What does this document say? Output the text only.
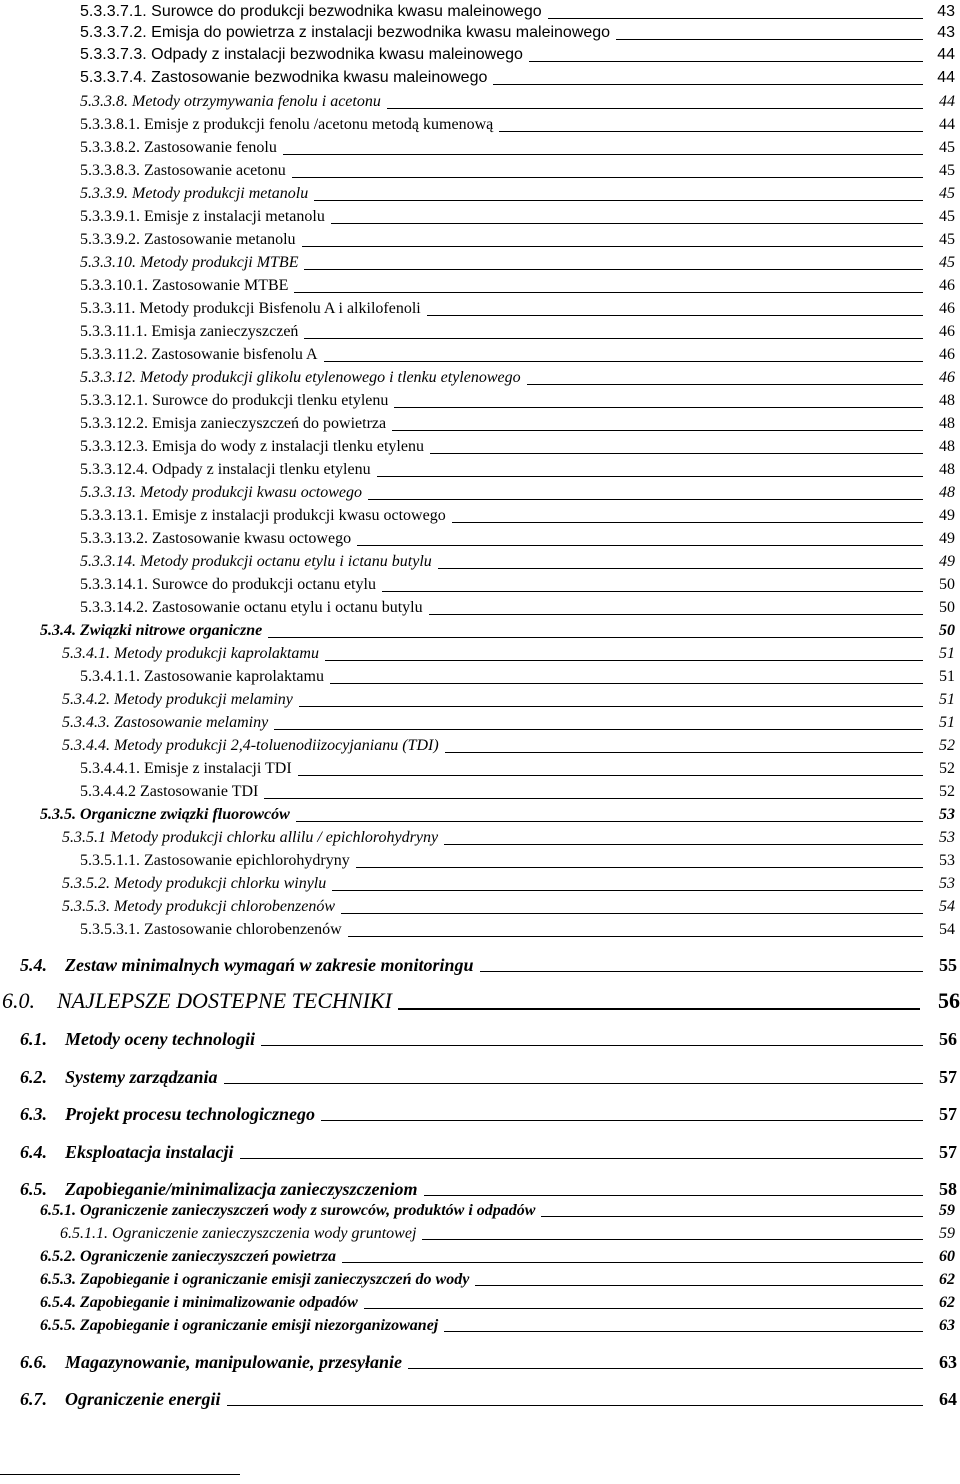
5.3.3.7.1. Surowce do produkcji bezwodnika kwasu maleinowego	43
5.3.3.7.2. Emisja do powietrza z instalacji bezwodnika kwasu maleinowego	43
5.3.3.7.3. Odpady z instalacji bezwodnika kwasu maleinowego	44
5.3.3.7.4. Zastosowanie bezwodnika kwasu maleinowego	44
5.3.3.8. Metody otrzymywania fenolu i acetonu	44
5.3.3.8.1. Emisje z produkcji fenolu /acetonu metodą kumenową	44
5.3.3.8.2. Zastosowanie fenolu	45
5.3.3.8.3. Zastosowanie acetonu	45
5.3.3.9. Metody produkcji metanolu	45
5.3.3.9.1. Emisje z instalacji metanolu	45
5.3.3.9.2. Zastosowanie metanolu	45
5.3.3.10. Metody produkcji MTBE	45
5.3.3.10.1. Zastosowanie MTBE	46
5.3.3.11. Metody produkcji Bisfenolu A i alkilofenoli	46
5.3.3.11.1. Emisja zanieczyszczeń	46
5.3.3.11.2. Zastosowanie bisfenolu A	46
5.3.3.12. Metody produkcji glikolu etylenowego i tlenku etylenowego	46
5.3.3.12.1. Surowce do produkcji tlenku etylenu	48
5.3.3.12.2. Emisja zanieczyszczeń do powietrza	48
5.3.3.12.3. Emisja do wody z instalacji tlenku etylenu	48
5.3.3.12.4. Odpady z instalacji tlenku etylenu	48
5.3.3.13. Metody produkcji kwasu octowego	48
5.3.3.13.1. Emisje z instalacji produkcji kwasu octowego	49
5.3.3.13.2. Zastosowanie kwasu octowego	49
5.3.3.14. Metody produkcji octanu etylu i ictanu butylu	49
5.3.3.14.1. Surowce do produkcji octanu etylu	50
5.3.3.14.2. Zastosowanie octanu etylu i octanu butylu	50
5.3.4. Związki nitrowe organiczne	50
5.3.4.1. Metody produkcji kaprolaktamu	51
5.3.4.1.1. Zastosowanie kaprolaktamu	51
5.3.4.2. Metody produkcji melaminy	51
5.3.4.3. Zastosowanie melaminy	51
5.3.4.4. Metody produkcji 2,4-toluenodiizocyjanianu (TDI)	52
5.3.4.4.1. Emisje z instalacji TDI	52
5.3.4.4.2 Zastosowanie TDI	52
5.3.5. Organiczne związki fluorowców	53
5.3.5.1 Metody produkcji chlorku allilu / epichlorohydryny	53
5.3.5.1.1. Zastosowanie epichlorohydryny	53
5.3.5.2. Metody produkcji chlorku winylu	53
5.3.5.3. Metody produkcji chlorobenzenów	54
5.3.5.3.1. Zastosowanie chlorobenzenów	54
5.4.  Zestaw minimalnych wymagań w zakresie monitoringu	55
6.0.  NAJLEPSZE DOSTEPNE TECHNIKI	56
6.1.  Metody oceny technologii	56
6.2.  Systemy zarządzania	57
6.3.  Projekt procesu technologicznego	57
6.4.  Eksploatacja instalacji	57
6.5.  Zapobieganie/minimalizacja zanieczyszczeniom	58
6.5.1. Ograniczenie zanieczyszczeń wody z surowców, produktów i odpadów	59
6.5.1.1. Ograniczenie zanieczyszczenia wody gruntowej	59
6.5.2. Ograniczenie zanieczyszczeń powietrza	60
6.5.3. Zapobieganie i ograniczanie emisji zanieczyszczeń do wody	62
6.5.4. Zapobieganie i minimalizowanie odpadów	62
6.5.5. Zapobieganie i ograniczanie emisji niezorganizowanej	63
6.6.  Magazynowanie, manipulowanie, przesyłanie	63
6.7.  Ograniczenie energii	64
